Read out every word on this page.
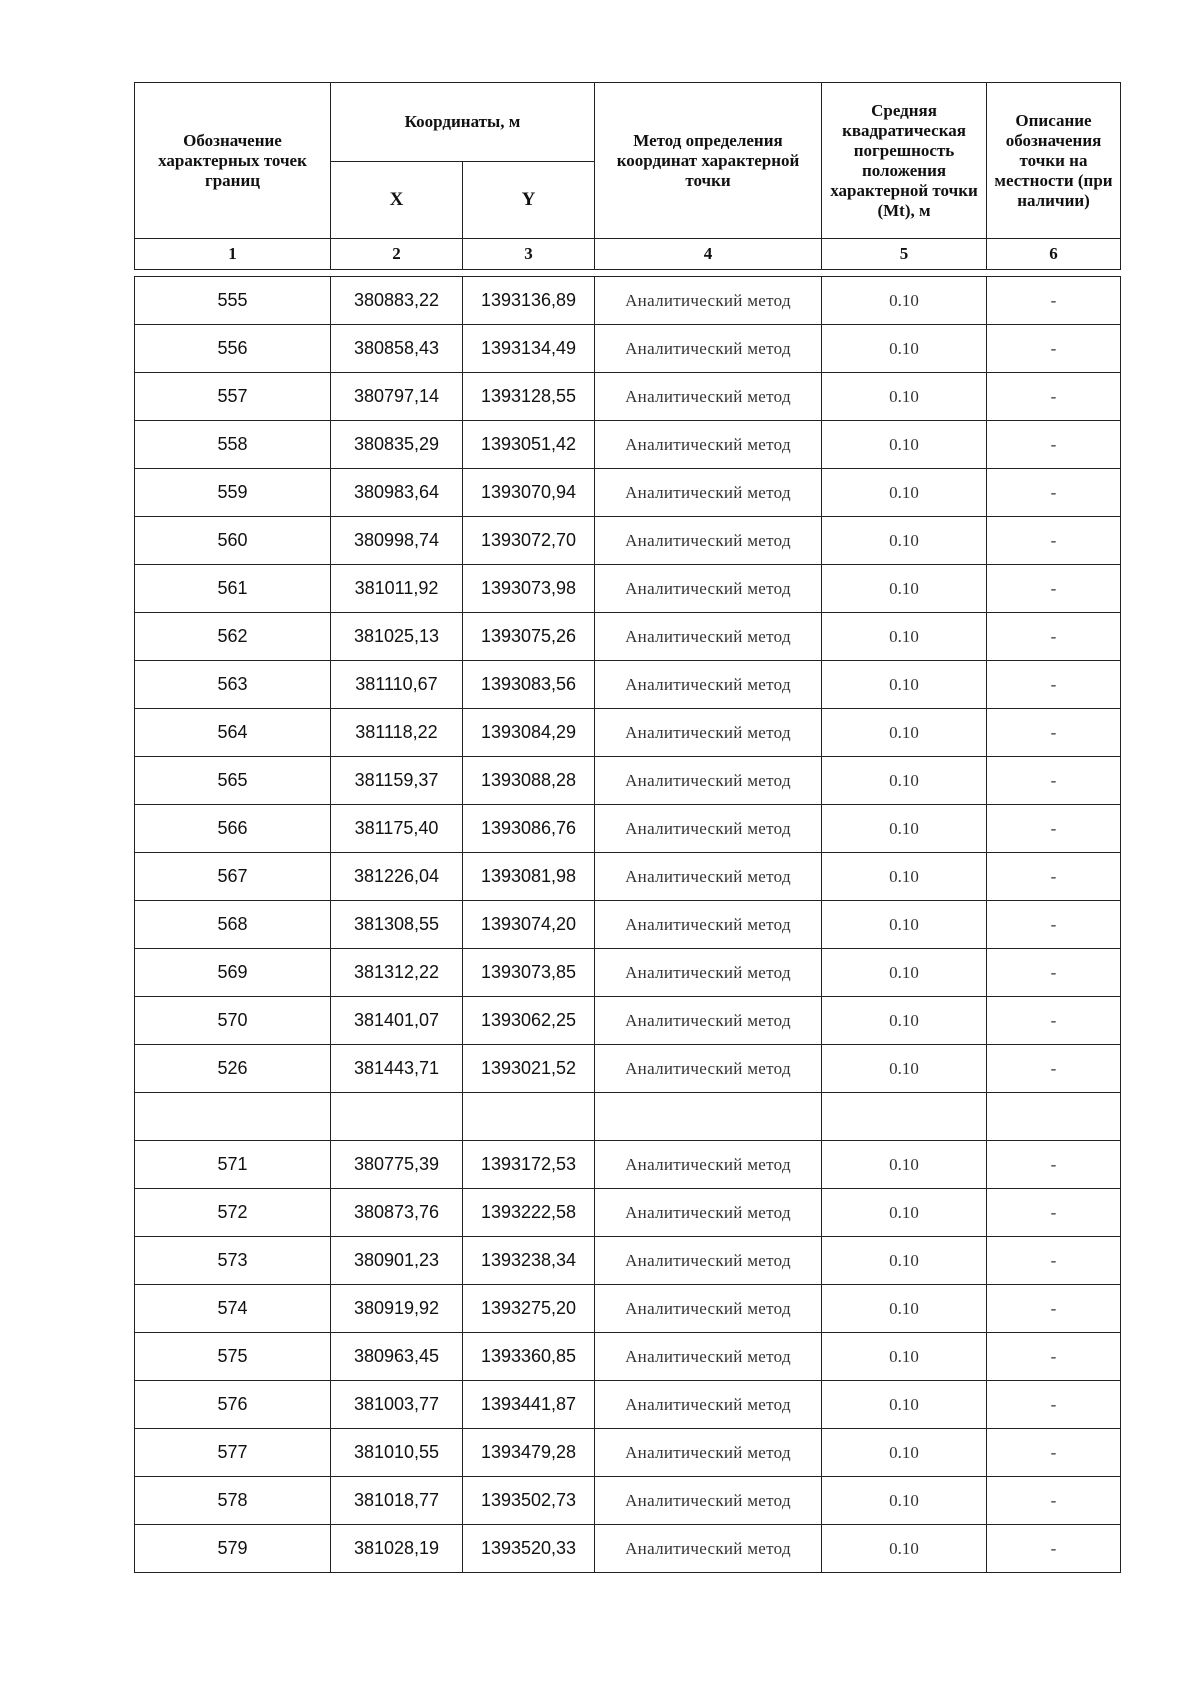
Обозначение характерных точек границ	Координаты, м		Метод определения координат характерной точки	Средняя квадратическая погрешность положения характерной точки (Mt), м	Описание обозначения точки на местности (при наличии)
	X	Y			
1	2	3	4	5	6

555	380883,22	1393136,89	Аналитический метод	0.10	-
556	380858,43	1393134,49	Аналитический метод	0.10	-
557	380797,14	1393128,55	Аналитический метод	0.10	-
558	380835,29	1393051,42	Аналитический метод	0.10	-
559	380983,64	1393070,94	Аналитический метод	0.10	-
560	380998,74	1393072,70	Аналитический метод	0.10	-
561	381011,92	1393073,98	Аналитический метод	0.10	-
562	381025,13	1393075,26	Аналитический метод	0.10	-
563	381110,67	1393083,56	Аналитический метод	0.10	-
564	381118,22	1393084,29	Аналитический метод	0.10	-
565	381159,37	1393088,28	Аналитический метод	0.10	-
566	381175,40	1393086,76	Аналитический метод	0.10	-
567	381226,04	1393081,98	Аналитический метод	0.10	-
568	381308,55	1393074,20	Аналитический метод	0.10	-
569	381312,22	1393073,85	Аналитический метод	0.10	-
570	381401,07	1393062,25	Аналитический метод	0.10	-
526	381443,71	1393021,52	Аналитический метод	0.10	-

571	380775,39	1393172,53	Аналитический метод	0.10	-
572	380873,76	1393222,58	Аналитический метод	0.10	-
573	380901,23	1393238,34	Аналитический метод	0.10	-
574	380919,92	1393275,20	Аналитический метод	0.10	-
575	380963,45	1393360,85	Аналитический метод	0.10	-
576	381003,77	1393441,87	Аналитический метод	0.10	-
577	381010,55	1393479,28	Аналитический метод	0.10	-
578	381018,77	1393502,73	Аналитический метод	0.10	-
579	381028,19	1393520,33	Аналитический метод	0.10	-
